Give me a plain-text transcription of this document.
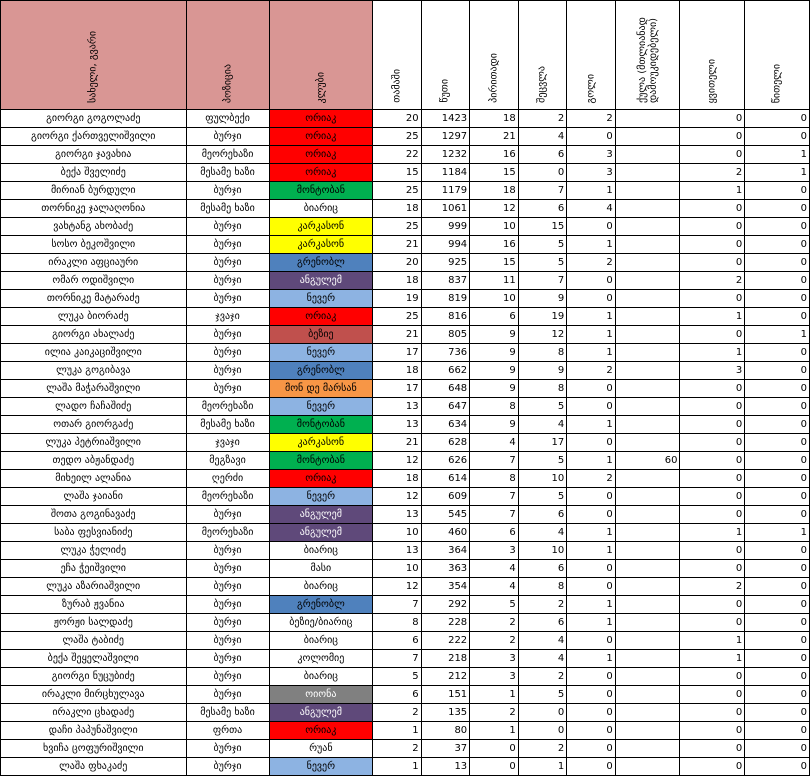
სახელი, გვარი	პოზიცია	კლუბი	თამაში	წუთი	პირითადი	შეცვლა	გოლი	ქულა (მთლიანად დამოუკიდებელი)	ყვითელი	წითელი

გიორგი გოგოლაძე	ფულბექი	ორიაკ	20	1423	18	2	2		0	0
გიორგი ქართველიშვილი	ბურჯი	ორიაკ	25	1297	21	4	0		0	0
გიორგი ჯავახია	მეორეხაზი	ორიაკ	22	1232	16	6	3		0	1
ბექა შველიძე	მესამე ხაზი	ორიაკ	15	1184	15	0	3		2	1
მირიან ბურდული	ბურჯი	მონტობან	25	1179	18	7	1		1	0
თორნიკე ჯალაღონია	მესამე ხაზი	ბიარიც	18	1061	12	6	4		0	0
ვახტანგ ახობაძე	ბურჯი	კარკასონ	25	999	10	15	0		0	0
სოსო ბეკოშვილი	ბურჯი	კარკასონ	21	994	16	5	1		0	0
ირაკლი აფციაური	ბურჯი	გრენობლ	20	925	15	5	2		0	0
ომარ ოდიშვილი	ბურჯი	ანგულემ	18	837	11	7	0		2	0
თორნიკე მატარაძე	ბურჯი	ნევერ	19	819	10	9	0		0	0
ლუკა ბიორაძე	ჯვაჯი	ორიაკ	25	816	6	19	1		1	0
გიორგი ახალაძე	ბურჯი	ბეზიე	21	805	9	12	1		0	1
ილია კაიკაციშვილი	ბურჯი	ნევერ	17	736	9	8	1		1	0
ლუკა გოგიბავა	ბურჯი	გრენობლ	18	662	9	9	2		3	0
ლაშა მაჭარაშვილი	ბურჯი	მონ დე მარსან	17	648	9	8	0		0	0
ლადო ჩაჩაშიძე	მეორეხაზი	ნევერ	13	647	8	5	0		0	0
ოთარ გიორგაძე	მესამე ხაზი	მონტობან	13	634	9	4	1		0	0
ლუკა პეტრიაშვილი	ჯვაჯი	კარკასონ	21	628	4	17	0		0	0
თედო აბჟანდაძე	მეგზავი	მონტობან	12	626	7	5	1	60	0	0
მიხეილ ალანია	ღერძი	ორიაკ	18	614	8	10	2		0	0
ლაშა ჯაიანი	მეორეხაზი	ნევერ	12	609	7	5	0		0	0
შოთა გოგინავაძე	ბურჯი	ანგულემ	13	545	7	6	0		0	0
საბა ფესვიანიძე	მეორეხაზი	ანგულემ	10	460	6	4	1		1	1
ლუკა ჭელიძე	ბურჯი	ბიარიც	13	364	3	10	1		0	0
ეჩა ჭეიშვილი	ბურჯი	მასი	10	363	4	6	0		0	0
ლუკა აზარიაშვილი	ბურჯი	ბიარიც	12	354	4	8	0		2	0
ზურაბ ჟვანია	ბურჯი	გრენობლ	7	292	5	2	1		0	0
ჟორჟი სალდაძე	ბურჯი	ბეზიე/ბიარიც	8	228	2	6	1		0	0
ლაშა ტაბიძე	ბურჯი	ბიარიც	6	222	2	4	0		1	0
ბექა შეყელაშვილი	ბურჯი	კოლომიე	7	218	3	4	1		1	0
გიორგი ნუცუბიძე	ბურჯი	ბიარიც	5	212	3	2	0		0	0
ირაკლი მირცხულავა	ბურჯი	ოიონა	6	151	1	5	0		0	0
ირაკლი ცხადაძე	მესამე ხაზი	ანგულემ	2	135	2	0	0		0	0
დაჩი პაპუნაშვილი	ფრთა	ორიაკ	1	80	1	0	0		0	0
ხვიჩა ცოფურიშვილი	ბურჯი	რუან	2	37	0	2	0		0	0
ლაშა ფხაკაძე	ბურჯი	ნევერ	1	13	0	1	0		0	0
